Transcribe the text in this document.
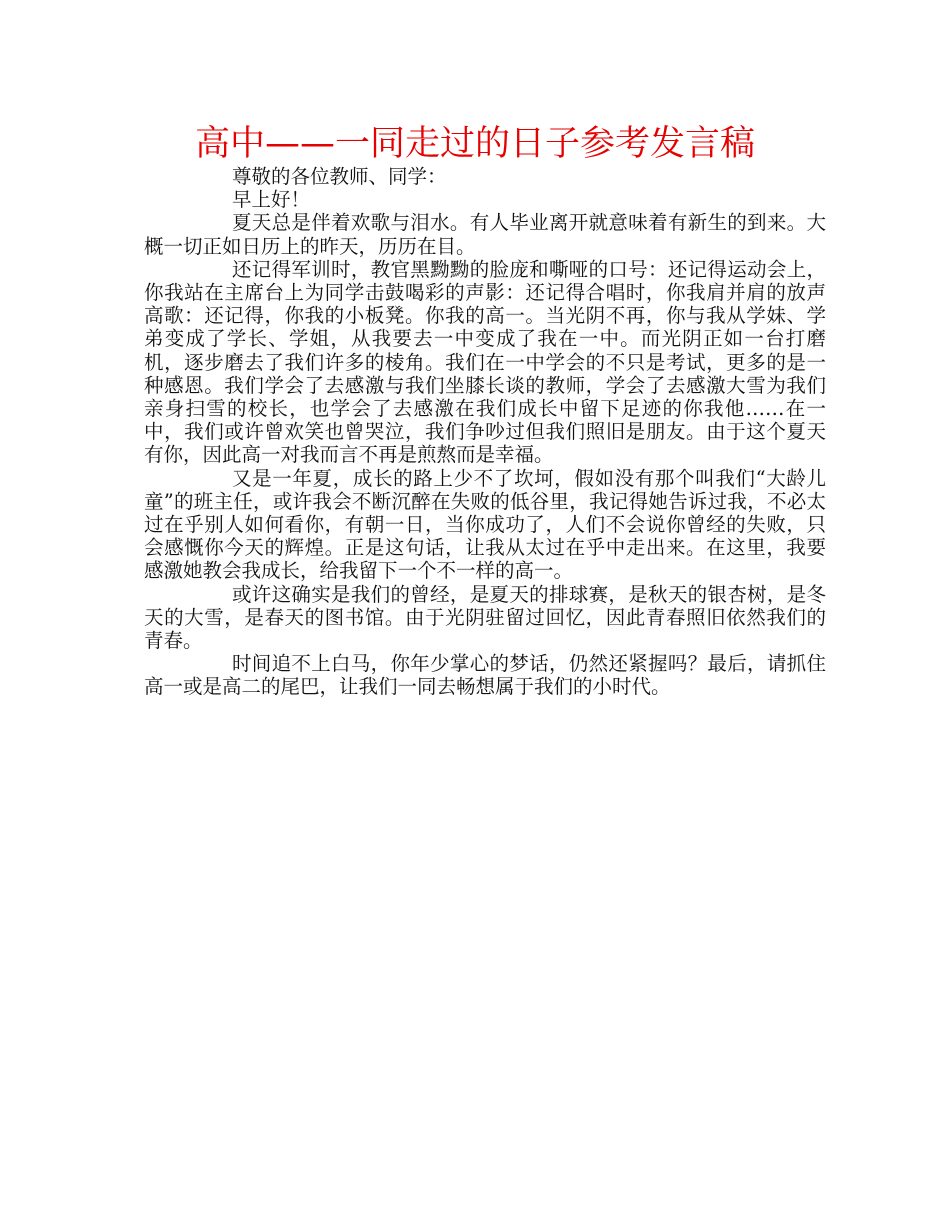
高中——一同走过的日子参考发言稿

尊敬的各位教师、同学：

早上好！

夏天总是伴着欢歌与泪水。有人毕业离开就意味着有新生的到来。大概一切正如日历上的昨天，历历在目。

还记得军训时，教官黑黝黝的脸庞和嘶哑的口号：还记得运动会上，你我站在主席台上为同学击鼓喝彩的声影：还记得合唱时，你我肩并肩的放声高歌：还记得，你我的小板凳。你我的高一。当光阴不再，你与我从学妹、学弟变成了学长、学姐，从我要去一中变成了我在一中。而光阴正如一台打磨机，逐步磨去了我们许多的棱角。我们在一中学会的不只是考试，更多的是一种感恩。我们学会了去感激与我们坐膝长谈的教师，学会了去感激大雪为我们亲身扫雪的校长，也学会了去感激在我们成长中留下足迹的你我他……在一中，我们或许曾欢笑也曾哭泣，我们争吵过但我们照旧是朋友。由于这个夏天有你，因此高一对我而言不再是煎熬而是幸福。

又是一年夏，成长的路上少不了坎坷，假如没有那个叫我们“大龄儿童”的班主任，或许我会不断沉醉在失败的低谷里，我记得她告诉过我，不必太过在乎别人如何看你，有朝一日，当你成功了，人们不会说你曾经的失败，只会感慨你今天的辉煌。正是这句话，让我从太过在乎中走出来。在这里，我要感激她教会我成长，给我留下一个不一样的高一。

或许这确实是我们的曾经，是夏天的排球赛，是秋天的银杏树，是冬天的大雪，是春天的图书馆。由于光阴驻留过回忆，因此青春照旧依然我们的青春。

时间追不上白马，你年少掌心的梦话，仍然还紧握吗？最后，请抓住高一或是高二的尾巴，让我们一同去畅想属于我们的小时代。
